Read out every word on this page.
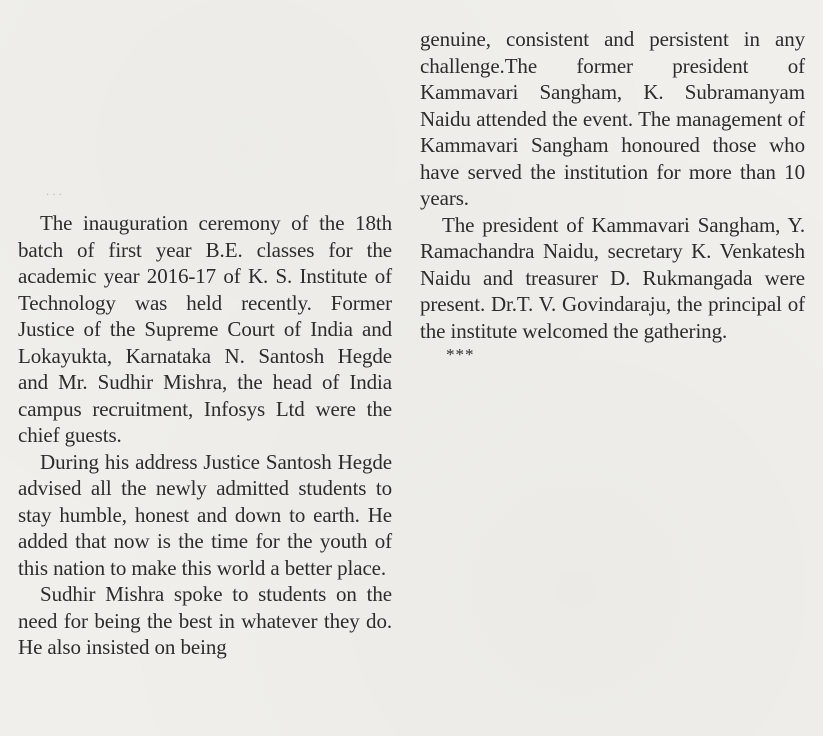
···

The inauguration ceremony of the 18th batch of first year B.E. classes for the academic year 2016-17 of K. S. Institute of Technology was held recently. Former Justice of the Supreme Court of India and Lokayukta, Karnataka N. Santosh Hegde and Mr. Sudhir Mishra, the head of India campus recruitment, Infosys Ltd were the chief guests.

During his address Justice Santosh Hegde advised all the newly admitted students to stay humble, honest and down to earth. He added that now is the time for the youth of this nation to make this world a better place.

Sudhir Mishra spoke to students on the need for being the best in whatever they do. He also insisted on being

genuine, consistent and persistent in any challenge.The former president of Kammavari Sangham, K. Subramanyam Naidu attended the event. The management of Kammavari Sangham honoured those who have served the institution for more than 10 years.

The president of Kammavari Sangham, Y. Ramachandra Naidu, secretary K. Venkatesh Naidu and treasurer D. Rukmangada were present. Dr.T. V. Govindaraju, the principal of the institute welcomed the gathering.

***
